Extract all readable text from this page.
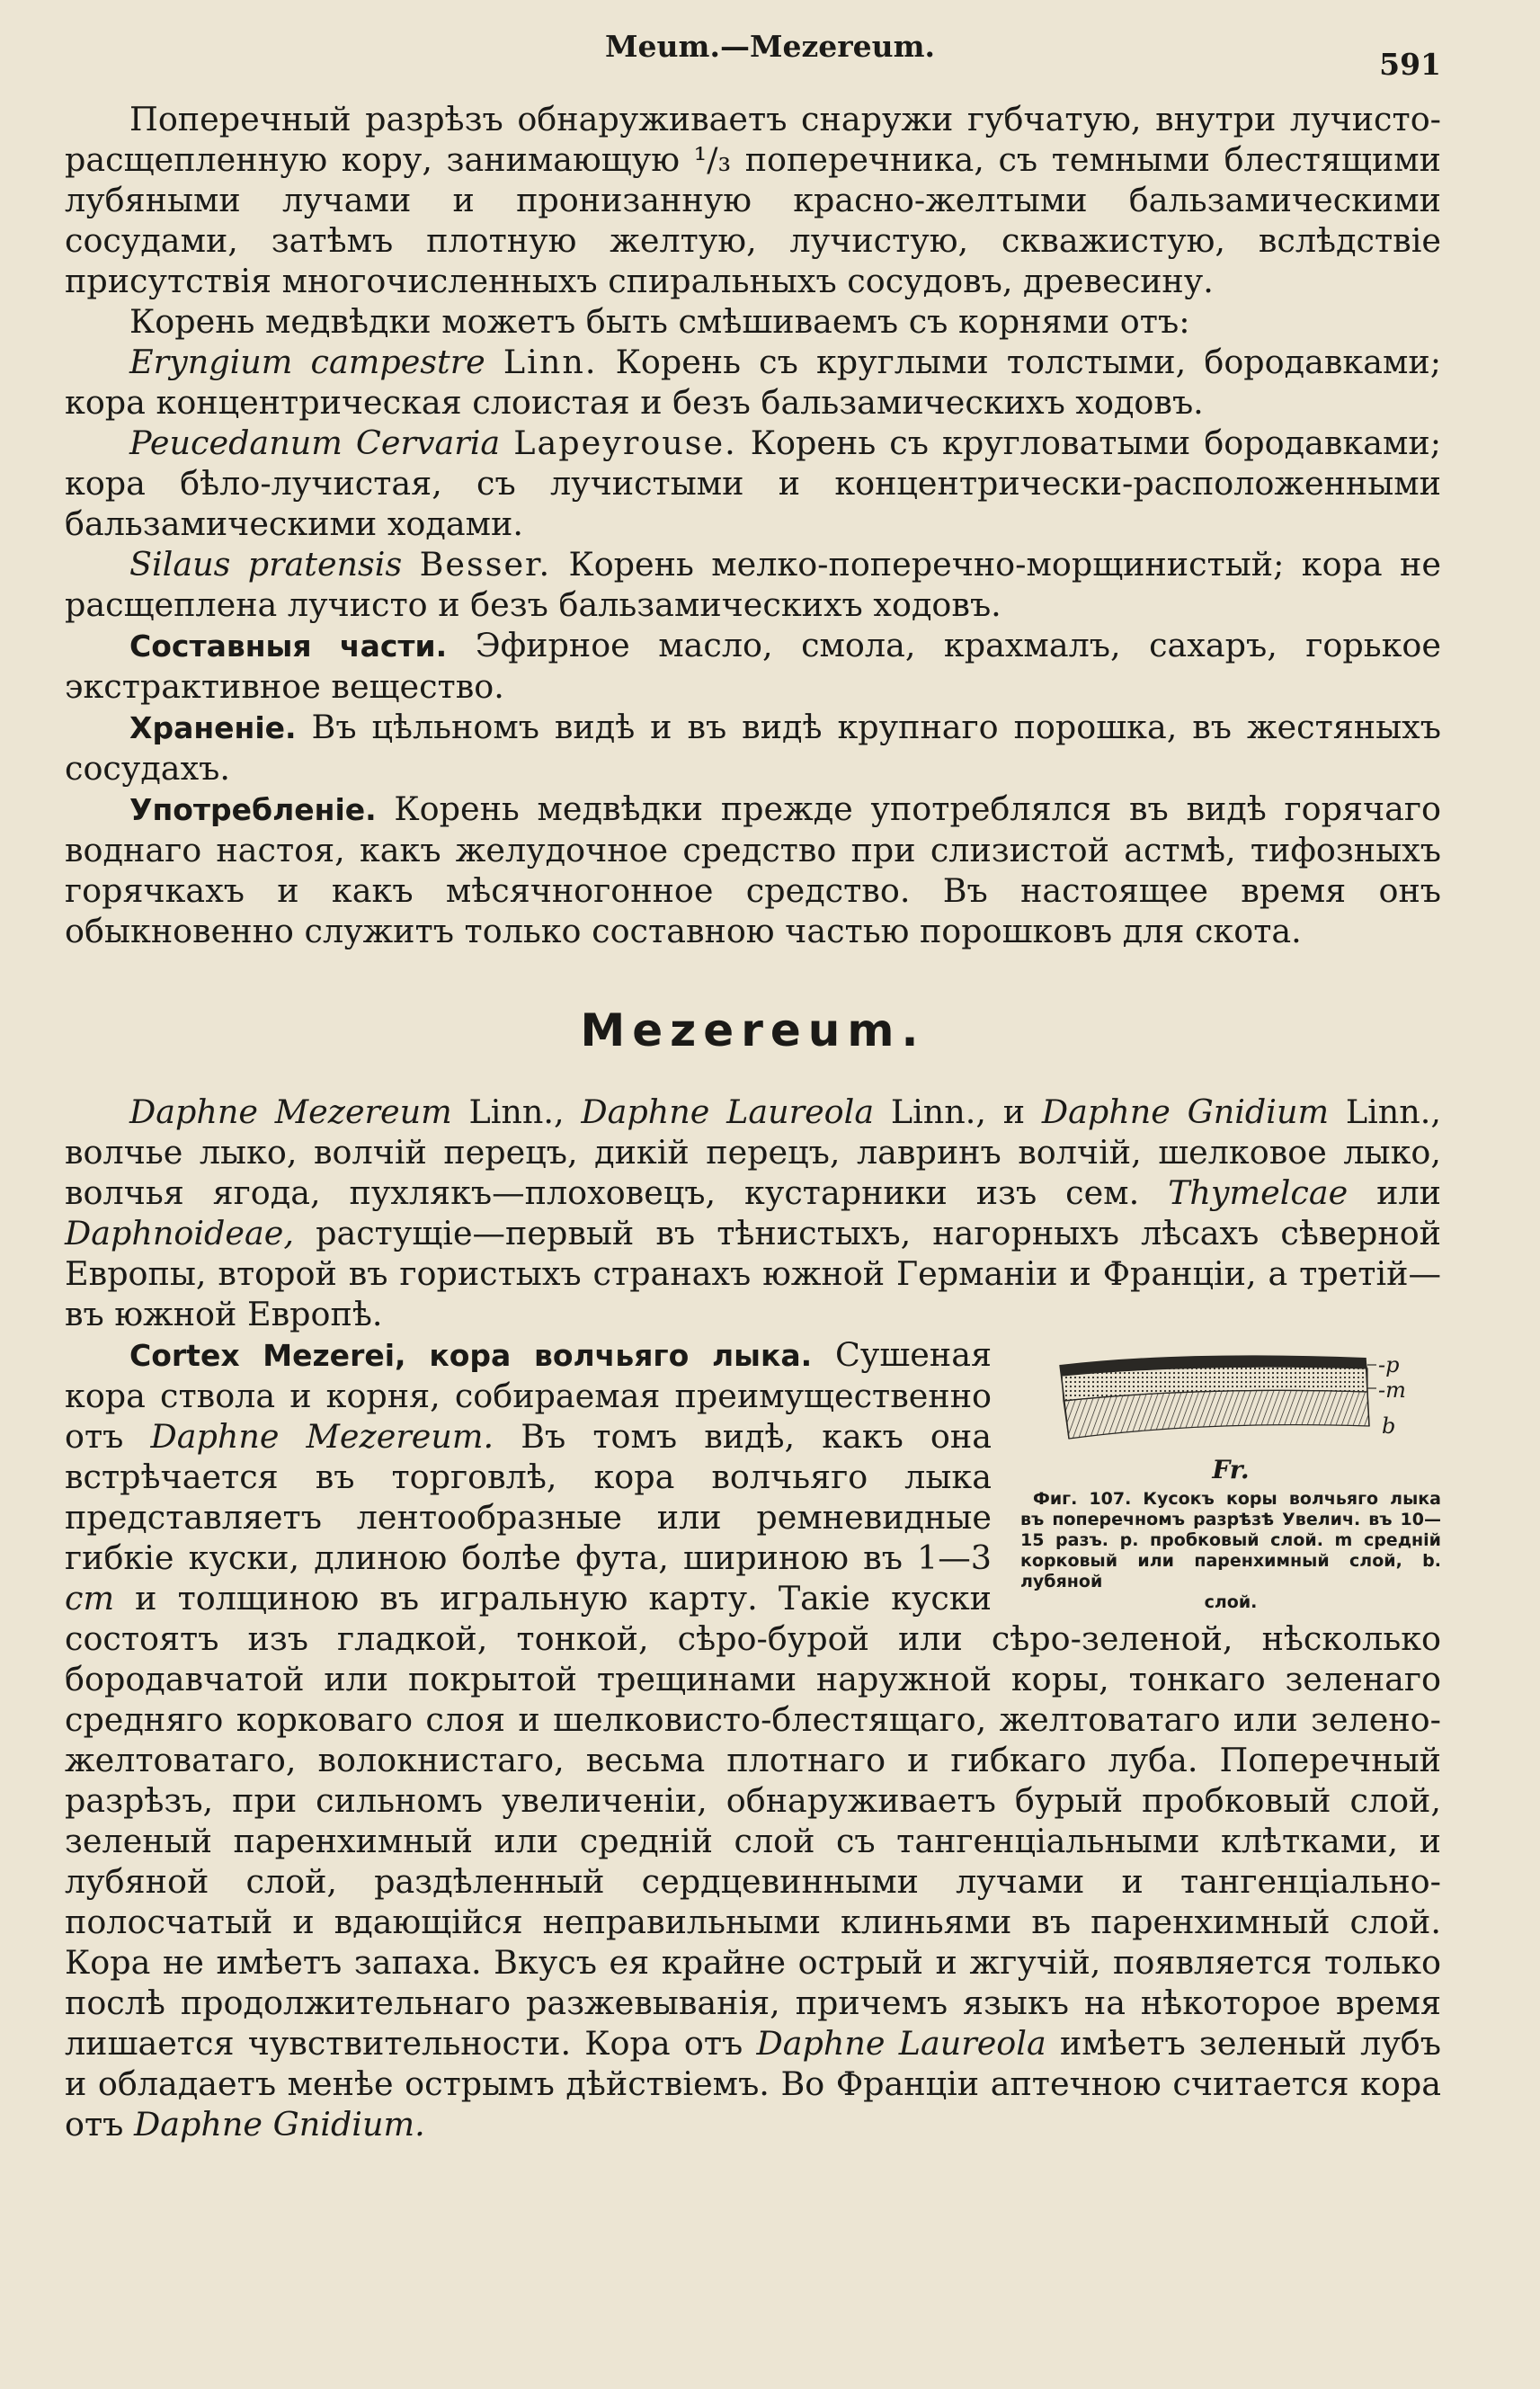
Meum.—Mezereum.
591

Поперечный разрѣзъ обнаруживаетъ снаружи губчатую, внутри лучисто-расщепленную кору, занимающую ¹/₃ поперечника, съ темными блестящими лубяными лучами и пронизанную красно-желтыми бальзамическими сосудами, затѣмъ плотную желтую, лучистую, скважистую, вслѣдствіе присутствія многочисленныхъ спиральныхъ сосудовъ, древесину.

Корень медвѣдки можетъ быть смѣшиваемъ съ корнями отъ:

Eryngium campestre Linn. Корень съ круглыми толстыми, бородавками; кора концентрическая слоистая и безъ бальзамическихъ ходовъ.

Peucedanum Cervaria Lapeyrouse. Корень съ кругловатыми бородавками; кора бѣло-лучистая, съ лучистыми и концентрически-расположенными бальзамическими ходами.

Silaus pratensis Besser. Корень мелко-поперечно-морщинистый; кора не расщеплена лучисто и безъ бальзамическихъ ходовъ.

Составныя части. Эфирное масло, смола, крахмалъ, сахаръ, горькое экстрактивное вещество.

Храненіе. Въ цѣльномъ видѣ и въ видѣ крупнаго порошка, въ жестяныхъ сосудахъ.

Употребленіе. Корень медвѣдки прежде употреблялся въ видѣ горячаго воднаго настоя, какъ желудочное средство при слизистой астмѣ, тифозныхъ горячкахъ и какъ мѣсячногонное средство. Въ настоящее время онъ обыкновенно служитъ только составною частью порошковъ для скота.

Mezereum.

Daphne Mezereum Linn., Daphne Laureola Linn., и Daphne Gnidium Linn., волчье лыко, волчій перецъ, дикій перецъ, лавринъ волчій, шелковое лыко, волчья ягода, пухлякъ—плоховецъ, кустарники изъ сем. Thymelcae или Daphnoideae, растущіе—первый въ тѣнистыхъ, нагорныхъ лѣсахъ сѣверной Европы, второй въ гористыхъ странахъ южной Германіи и Франціи, а третій—въ южной Европѣ.

-p
-m
b
Fr.
Фиг. 107. Кусокъ коры волчьяго лыка въ поперечномъ разрѣзѣ Увелич. въ 10—15 разъ. p. пробковый слой. m средній корковый или паренхимный слой, b. лубяной
слой.

Cortex Mezerei, кора волчьяго лыка. Сушеная кора ствола и корня, собираемая преимущественно отъ Daphne Mezereum. Въ томъ видѣ, какъ она встрѣчается въ торговлѣ, кора волчьяго лыка представляетъ лентообразные или ремневидные гибкіе куски, длиною болѣе фута, шириною въ 1—3 cm и толщиною въ игральную карту. Такіе куски состоятъ изъ гладкой, тонкой, сѣро-бурой или сѣро-зеленой, нѣсколько бородавчатой или покрытой трещинами наружной коры, тонкаго зеленаго средняго корковаго слоя и шелковисто-блестящаго, желтоватаго или зелено-желтоватаго, волокнистаго, весьма плотнаго и гибкаго луба. Поперечный разрѣзъ, при сильномъ увеличеніи, обнаруживаетъ бурый пробковый слой, зеленый паренхимный или средній слой съ тангенціальными клѣтками, и лубяной слой, раздѣленный сердцевинными лучами и тангенціально-полосчатый и вдающійся неправильными клиньями въ паренхимный слой. Кора не имѣетъ запаха. Вкусъ ея крайне острый и жгучій, появляется только послѣ продолжительнаго разжевыванія, причемъ языкъ на нѣкоторое время лишается чувствительности. Кора отъ Daphne Laureola имѣетъ зеленый лубъ и обладаетъ менѣе острымъ дѣйствіемъ. Во Франціи аптечною считается кора отъ Daphne Gnidium.
